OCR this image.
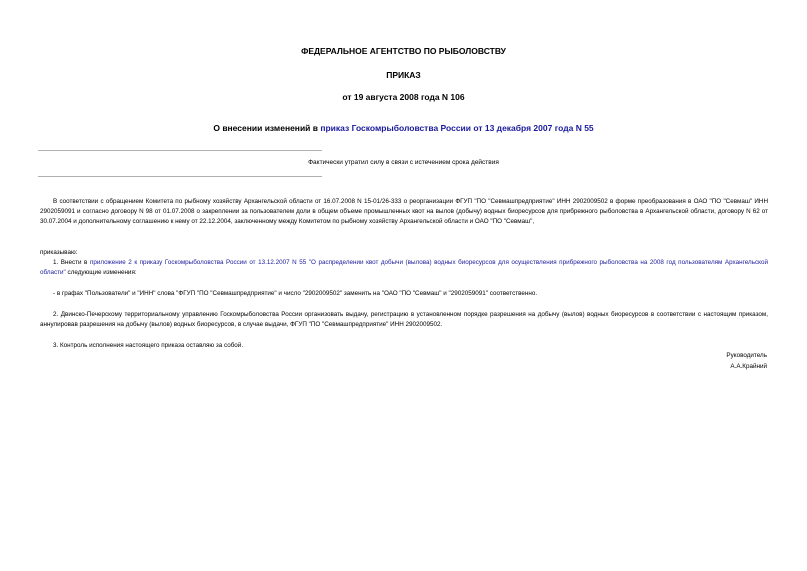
ФЕДЕРАЛЬНОЕ АГЕНТСТВО ПО РЫБОЛОВСТВУ
ПРИКАЗ
от 19 августа 2008 года N 106
О внесении изменений в приказ Госкомрыболовства России от 13 декабря 2007 года N 55
Фактически утратил силу в связи с истечением срока действия
В соответствии с обращением Комитета по рыбному хозяйству Архангельской области от 16.07.2008 N 15-01/26-333 о реорганизации ФГУП "ПО "Севмашпредприятие" ИНН 2902009502 в форме преобразования в ОАО "ПО "Севмаш" ИНН 2902059091 и согласно договору N 98 от 01.07.2008 о закреплении за пользователем доли в общем объеме промышленных квот на вылов (добычу) водных биоресурсов для прибрежного рыболовства в Архангельской области, договору N 62 от 30.07.2004 и дополнительному соглашению к нему от 22.12.2004, заключенному между Комитетом по рыбному хозяйству Архангельской области и ОАО "ПО "Севмаш",
приказываю:
1. Внести в приложение 2 к приказу Госкомрыболовства России от 13.12.2007 N 55 "О распределении квот добычи (вылова) водных биоресурсов для осуществления прибрежного рыболовства на 2008 год пользователям Архангельской области" следующие изменения:
- в графах "Пользователи" и "ИНН" слова "ФГУП "ПО "Севмашпредприятие" и число "2902009502" заменить на "ОАО "ПО "Севмаш" и "2902059091" соответственно.
2. Двинско-Печерскому территориальному управлению Госкомрыболовства России организовать выдачу, регистрацию в установленном порядке разрешения на добычу (вылов) водных биоресурсов в соответствии с настоящим приказом, аннулировав разрешения на добычу (вылов) водных биоресурсов, в случае выдачи, ФГУП "ПО "Севмашпредприятие" ИНН 2902009502.
3. Контроль исполнения настоящего приказа оставляю за собой.
Руководитель
А.А.Крайний
